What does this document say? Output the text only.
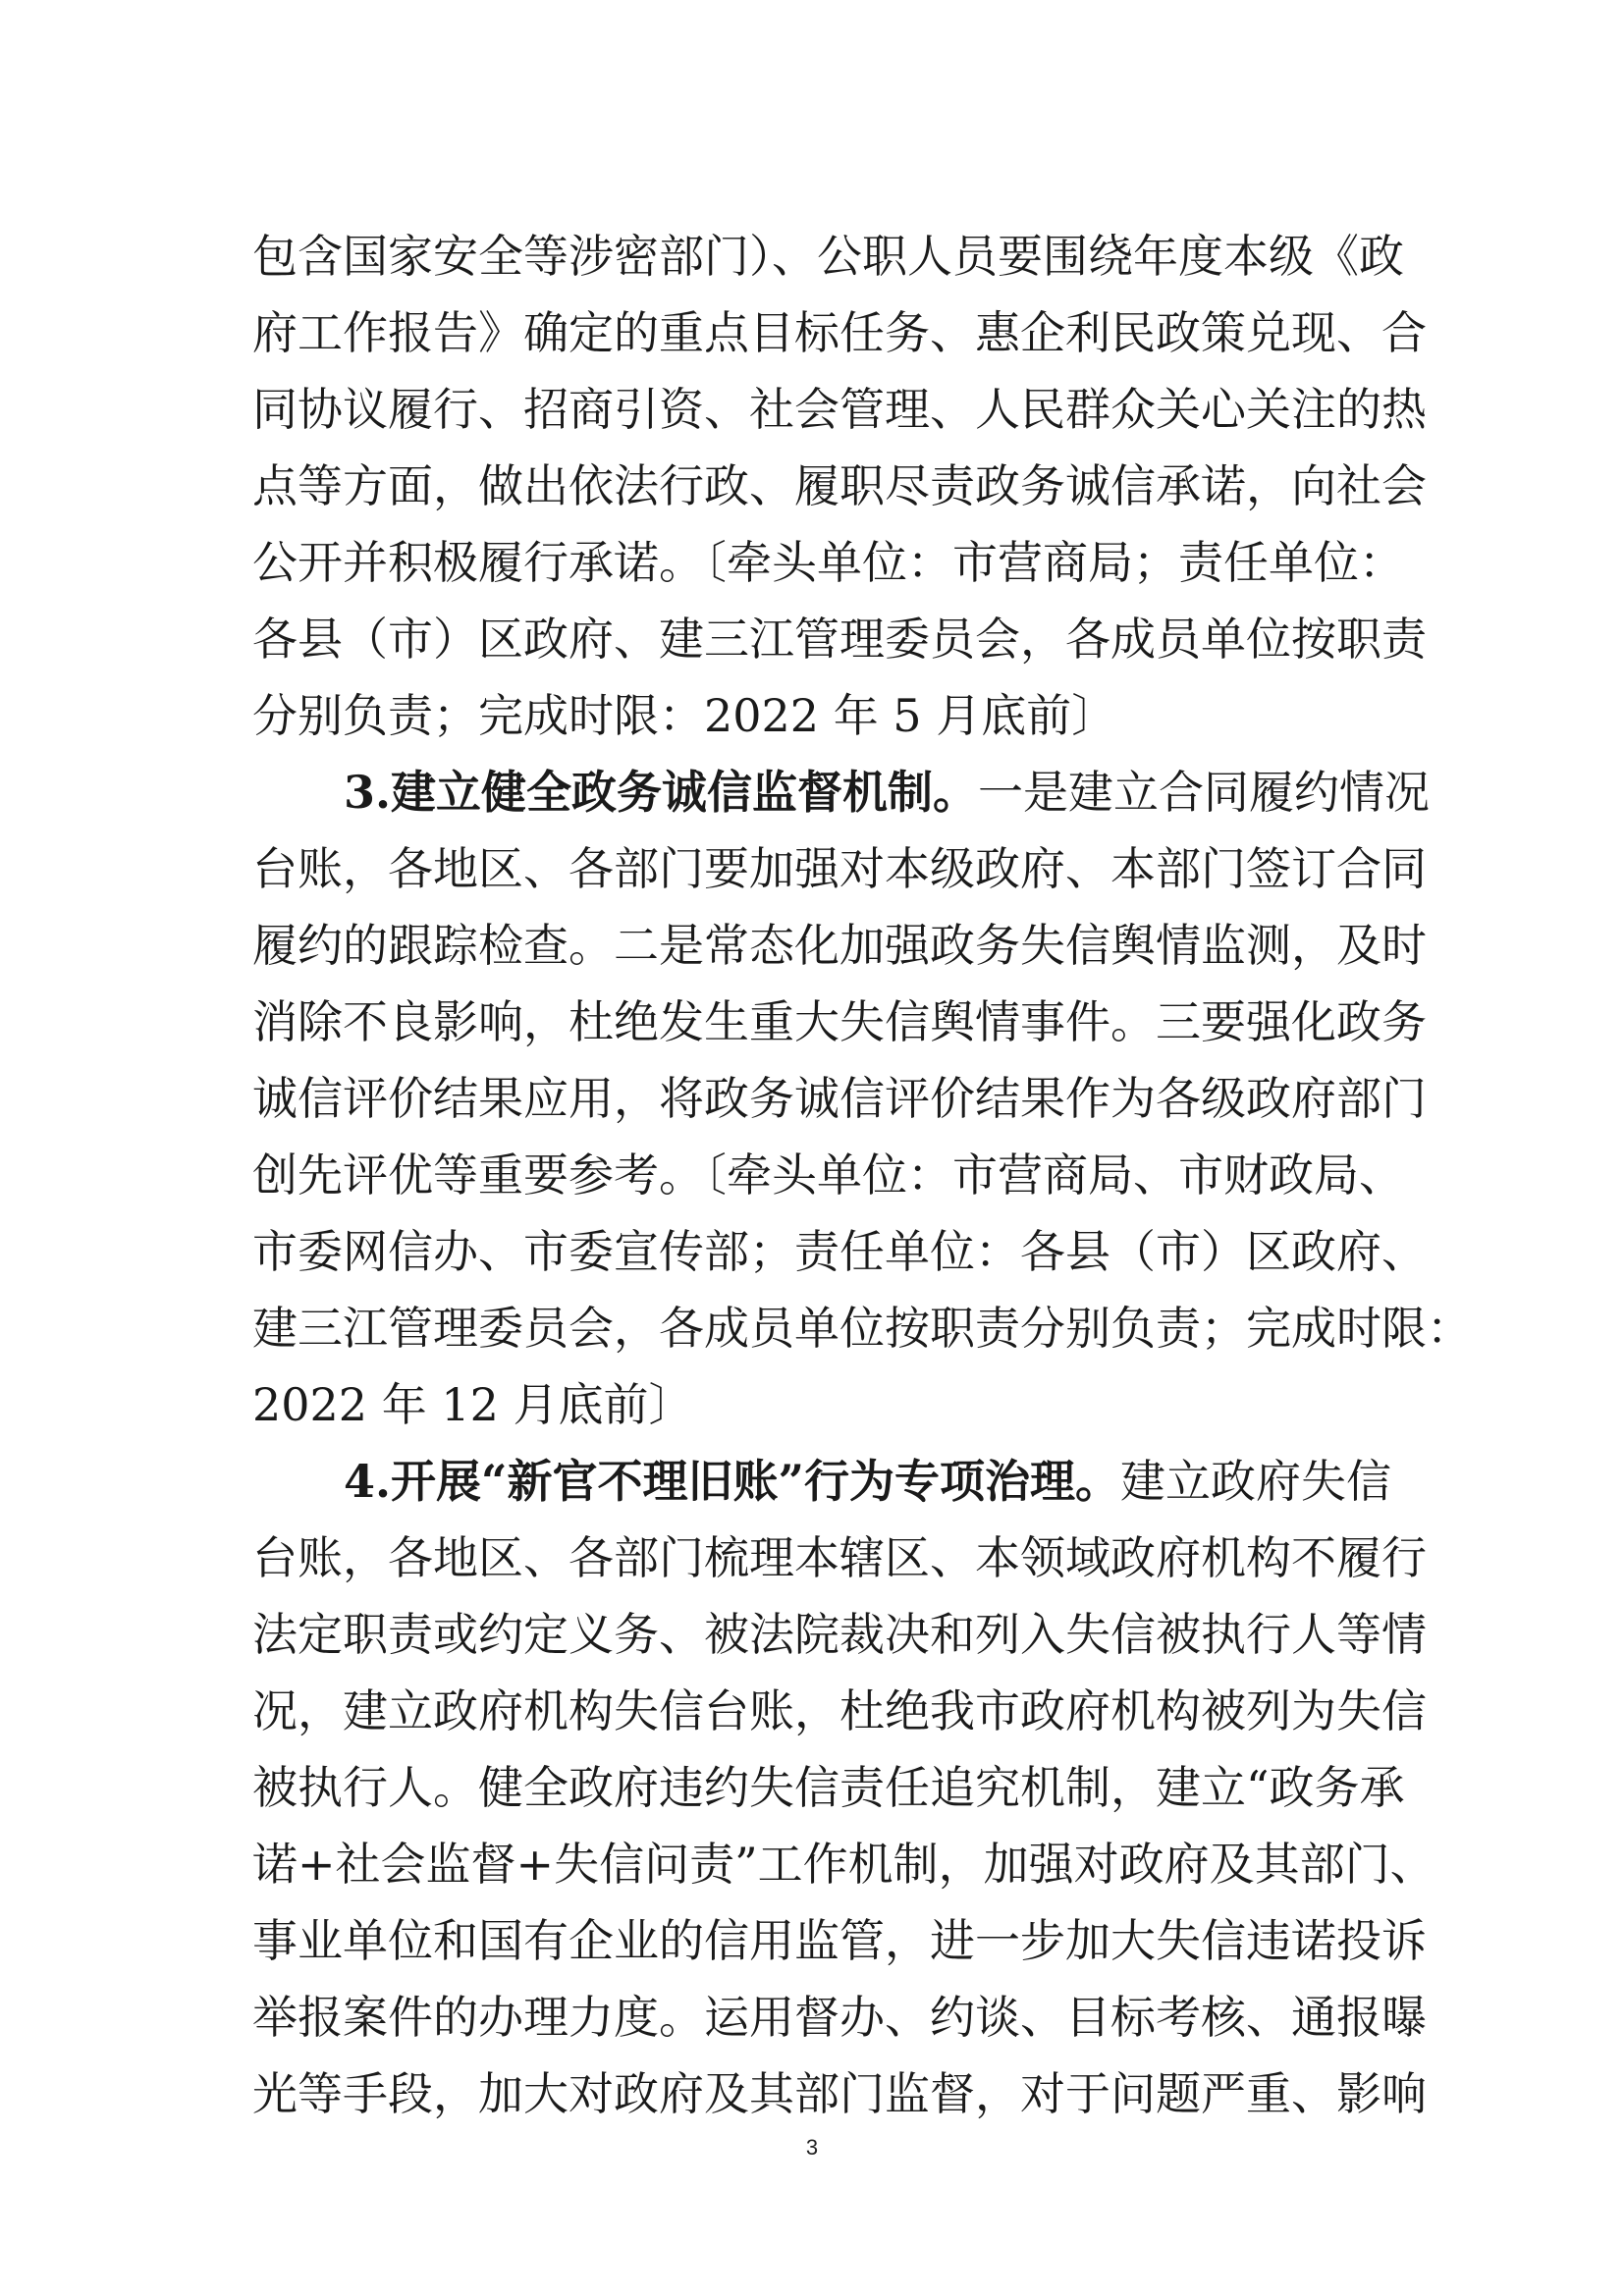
包含国家安全等涉密部门）、公职人员要围绕年度本级《政
府工作报告》确定的重点目标任务、惠企利民政策兑现、合
同协议履行、招商引资、社会管理、人民群众关心关注的热
点等方面，做出依法行政、履职尽责政务诚信承诺，向社会
公开并积极履行承诺。〔牵头单位：市营商局；责任单位：
各县（市）区政府、建三江管理委员会，各成员单位按职责
分别负责；完成时限：2022 年 5 月底前〕
3.建立健全政务诚信监督机制。一是建立合同履约情况
台账，各地区、各部门要加强对本级政府、本部门签订合同
履约的跟踪检查。二是常态化加强政务失信舆情监测，及时
消除不良影响，杜绝发生重大失信舆情事件。三要强化政务
诚信评价结果应用，将政务诚信评价结果作为各级政府部门
创先评优等重要参考。〔牵头单位：市营商局、市财政局、
市委网信办、市委宣传部；责任单位：各县（市）区政府、
建三江管理委员会，各成员单位按职责分别负责；完成时限：
2022 年 12 月底前〕
4.开展“新官不理旧账”行为专项治理。建立政府失信
台账，各地区、各部门梳理本辖区、本领域政府机构不履行
法定职责或约定义务、被法院裁决和列入失信被执行人等情
况，建立政府机构失信台账，杜绝我市政府机构被列为失信
被执行人。健全政府违约失信责任追究机制，建立“政务承
诺+社会监督+失信问责”工作机制，加强对政府及其部门、
事业单位和国有企业的信用监管，进一步加大失信违诺投诉
举报案件的办理力度。运用督办、约谈、目标考核、通报曝
光等手段，加大对政府及其部门监督，对于问题严重、影响
3
